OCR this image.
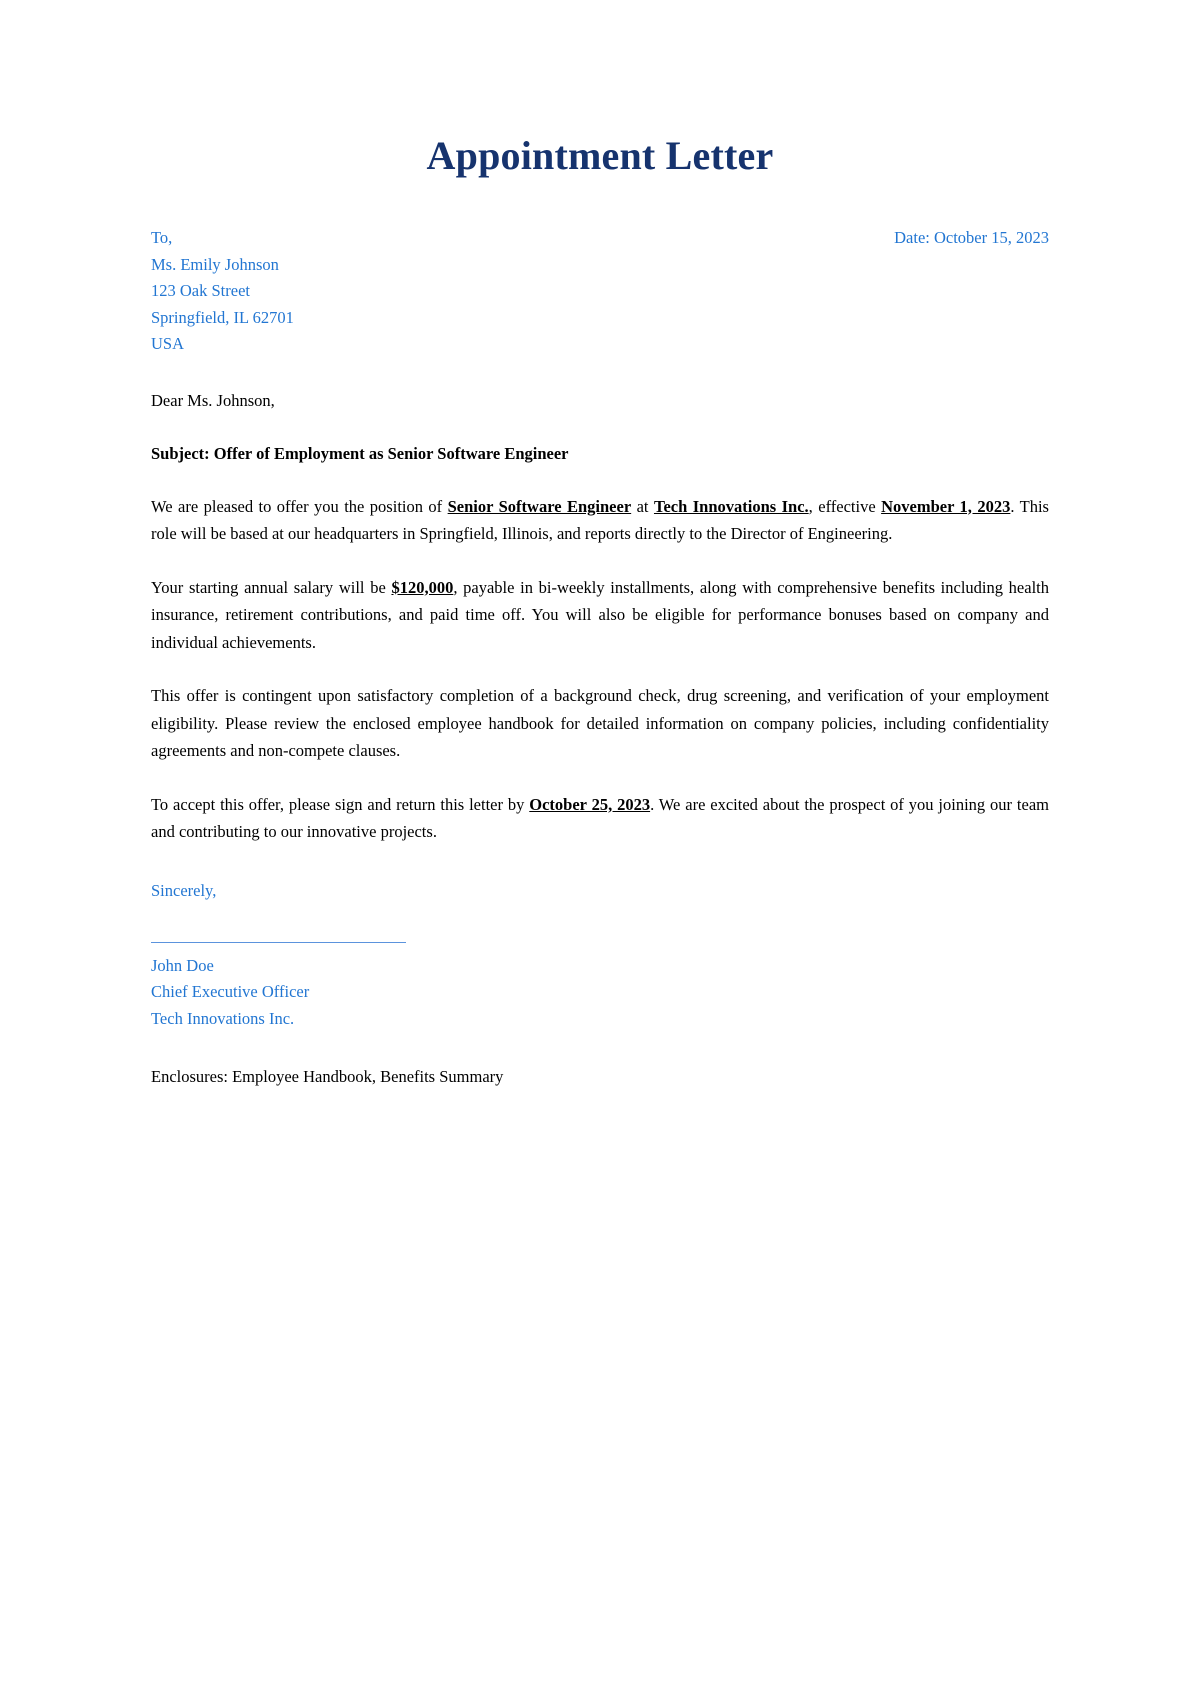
Appointment Letter
To,
Ms. Emily Johnson
123 Oak Street
Springfield, IL 62701
USA
Date: October 15, 2023

Dear Ms. Johnson,

Subject: Offer of Employment as Senior Software Engineer

We are pleased to offer you the position of Senior Software Engineer at Tech Innovations Inc., effective November 1, 2023. This role will be based at our headquarters in Springfield, Illinois, and reports directly to the Director of Engineering.

Your starting annual salary will be $120,000, payable in bi-weekly installments, along with comprehensive benefits including health insurance, retirement contributions, and paid time off. You will also be eligible for performance bonuses based on company and individual achievements.

This offer is contingent upon satisfactory completion of a background check, drug screening, and verification of your employment eligibility. Please review the enclosed employee handbook for detailed information on company policies, including confidentiality agreements and non-compete clauses.

To accept this offer, please sign and return this letter by October 25, 2023. We are excited about the prospect of you joining our team and contributing to our innovative projects.

Sincerely,

John Doe
Chief Executive Officer
Tech Innovations Inc.

Enclosures: Employee Handbook, Benefits Summary
